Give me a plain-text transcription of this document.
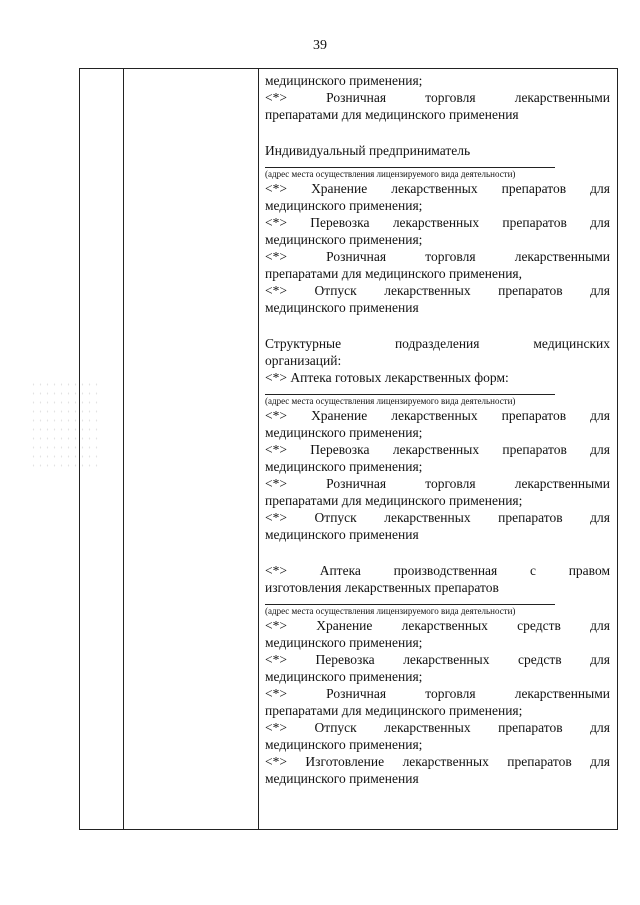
39
медицинского применения;
<*>	Розничная	торговля	лекарственными
препаратами для медицинского применения
Индивидуальный предприниматель
(адрес места осуществления лицензируемого вида деятельности)
<*> Хранение лекарственных препаратов для
медицинского применения;
<*> Перевозка лекарственных препаратов для
медицинского применения;
<*>	Розничная	торговля	лекарственными
препаратами для медицинского применения,
<*> Отпуск лекарственных препаратов для
медицинского применения
Структурные	подразделения	медицинских
организаций:
<*> Аптека готовых лекарственных форм:
(адрес места осуществления лицензируемого вида деятельности)
<*> Хранение лекарственных препаратов для
медицинского применения;
<*> Перевозка лекарственных препаратов для
медицинского применения;
<*>	Розничная	торговля	лекарственными
препаратами для медицинского применения;
<*> Отпуск лекарственных препаратов для
медицинского применения
<*> Аптека производственная с правом
изготовления лекарственных препаратов
(адрес места осуществления лицензируемого вида деятельности)
<*> Хранение лекарственных средств для
медицинского применения;
<*> Перевозка лекарственных средств для
медицинского применения;
<*>	Розничная	торговля	лекарственными
препаратами для медицинского применения;
<*> Отпуск лекарственных препаратов для
медицинского применения;
<*> Изготовление лекарственных препаратов для
медицинского применения
